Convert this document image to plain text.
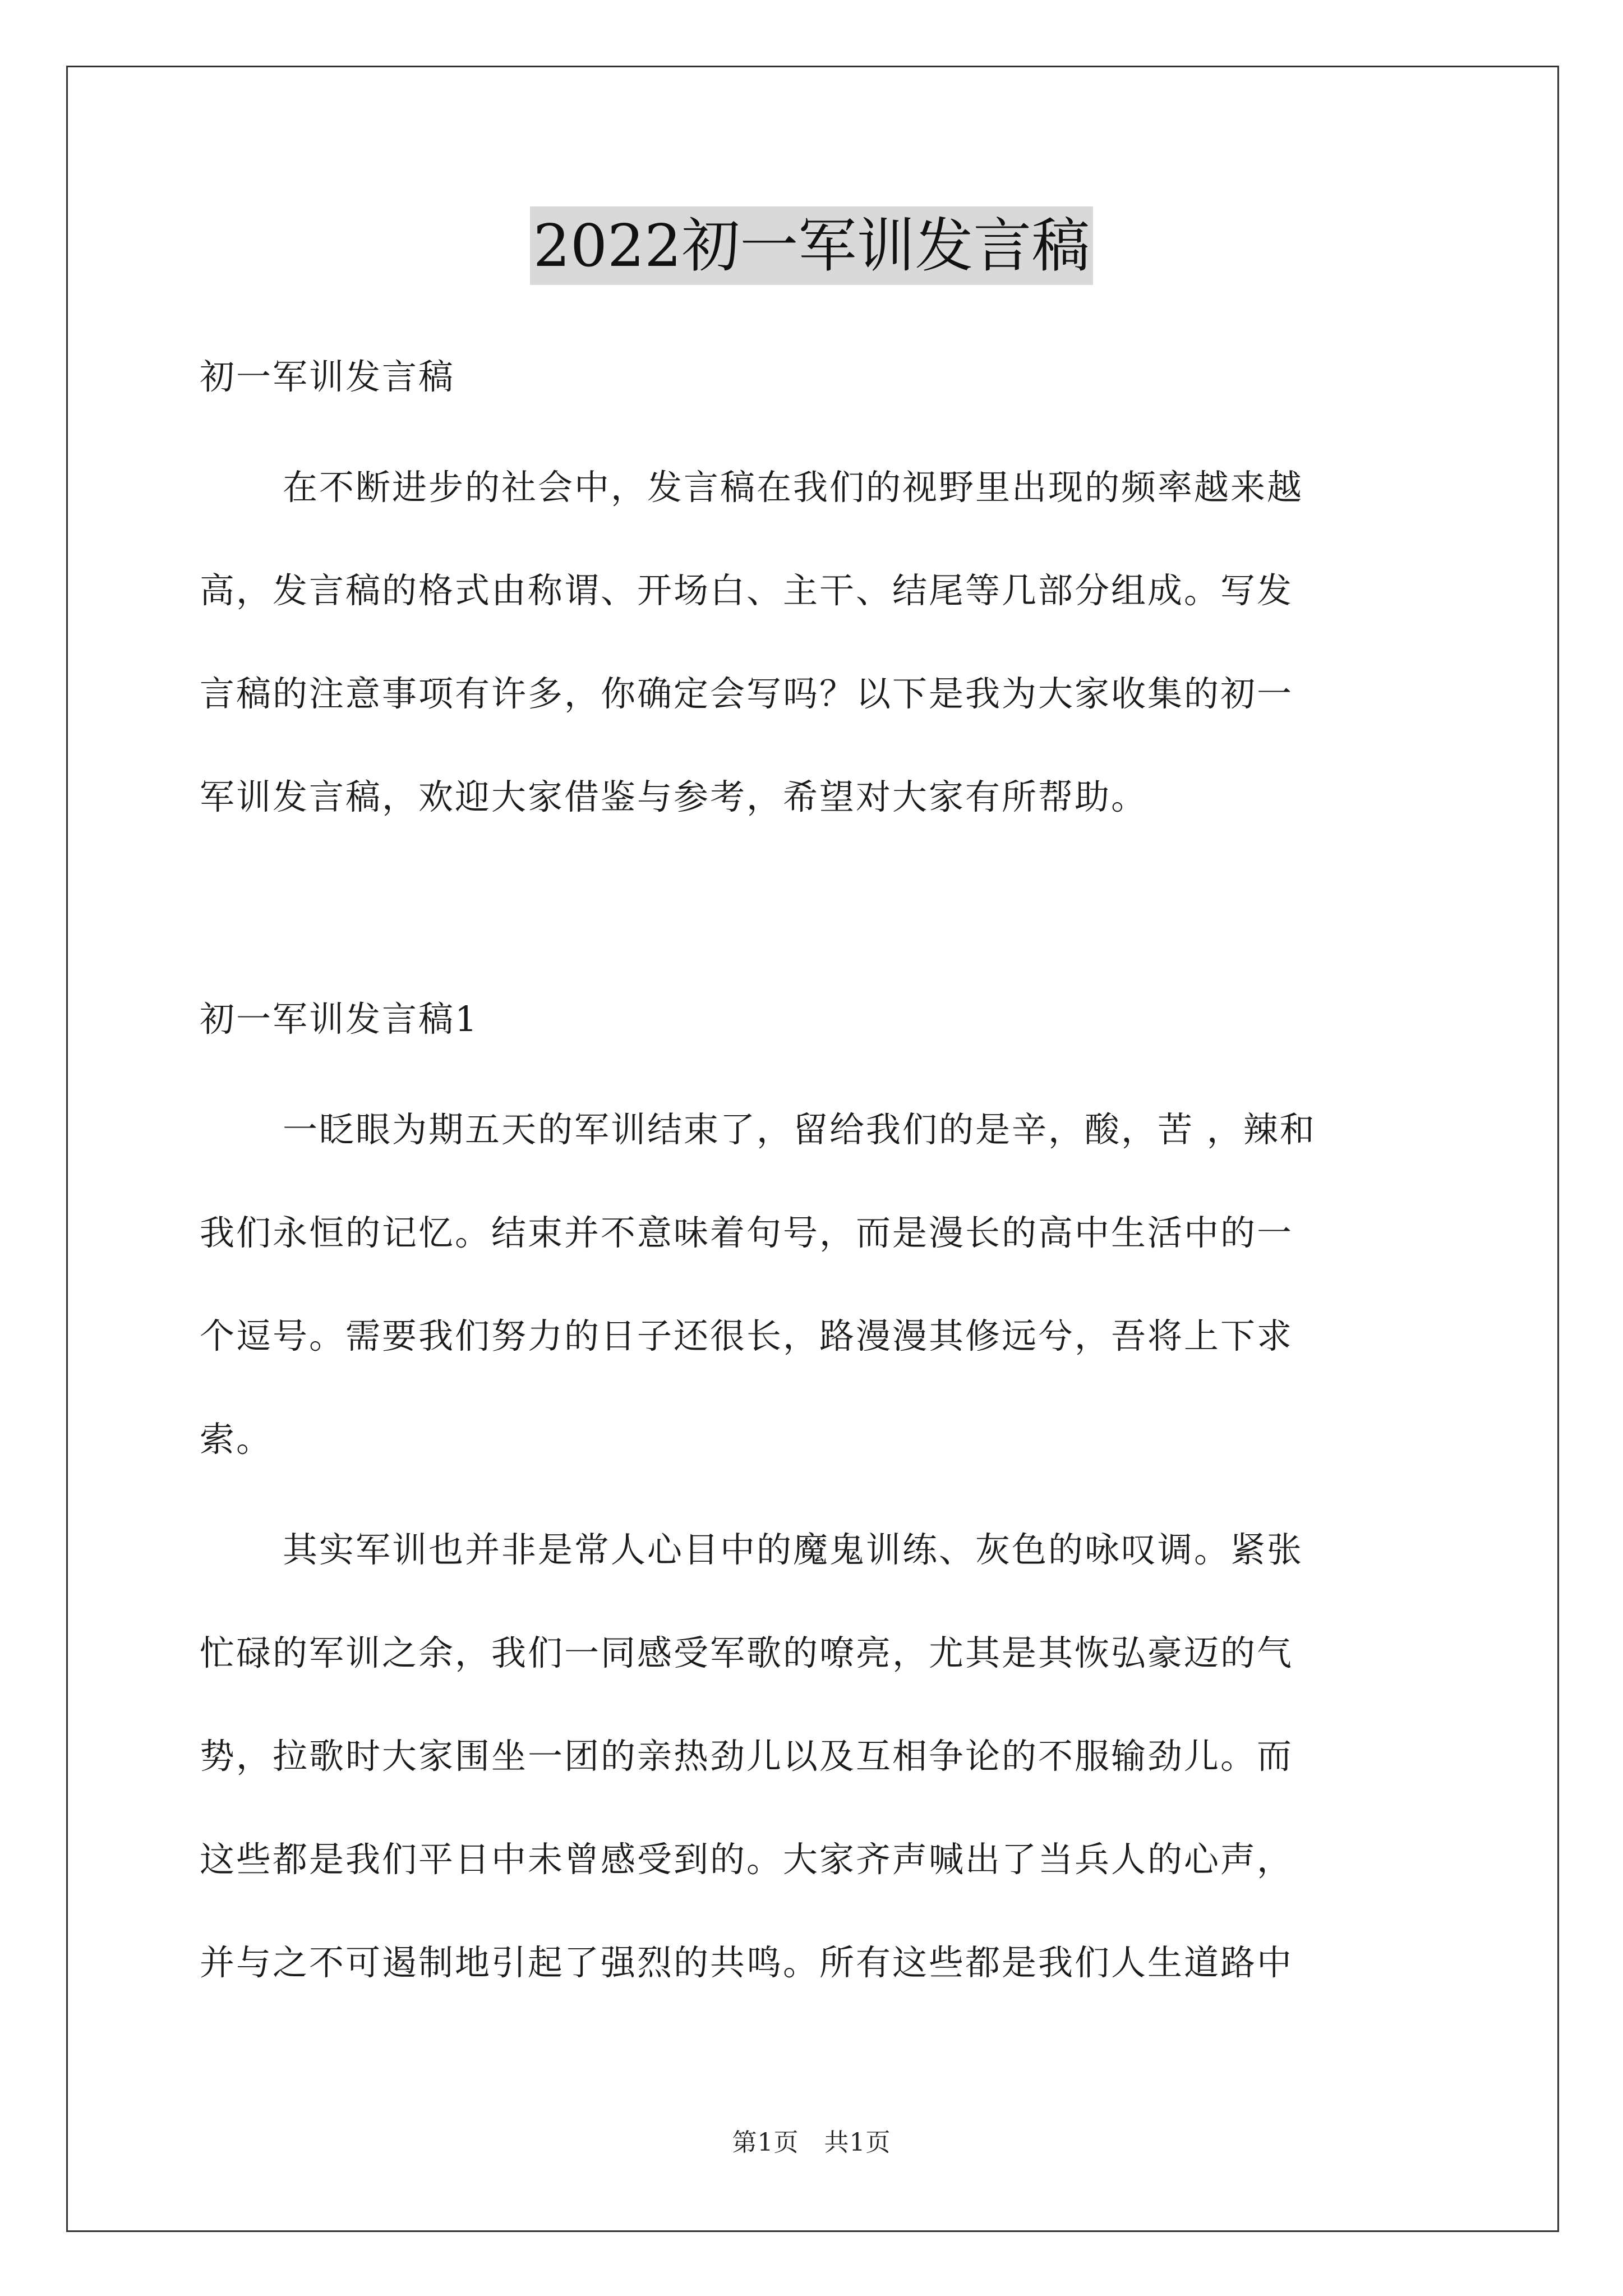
2022初一军训发言稿

初一军训发言稿

在不断进步的社会中，发言稿在我们的视野里出现的频率越来越

高，发言稿的格式由称谓、开场白、主干、结尾等几部分组成。写发

言稿的注意事项有许多，你确定会写吗？以下是我为大家收集的初一

军训发言稿，欢迎大家借鉴与参考，希望对大家有所帮助。

初一军训发言稿1

一眨眼为期五天的军训结束了，留给我们的是辛，酸，苦 ，辣和

我们永恒的记忆。结束并不意味着句号，而是漫长的高中生活中的一

个逗号。需要我们努力的日子还很长，路漫漫其修远兮，吾将上下求

索。

其实军训也并非是常人心目中的魔鬼训练、灰色的咏叹调。紧张

忙碌的军训之余，我们一同感受军歌的嘹亮，尤其是其恢弘豪迈的气

势，拉歌时大家围坐一团的亲热劲儿以及互相争论的不服输劲儿。而

这些都是我们平日中未曾感受到的。大家齐声喊出了当兵人的心声，

并与之不可遏制地引起了强烈的共鸣。所有这些都是我们人生道路中

第1页　共1页
